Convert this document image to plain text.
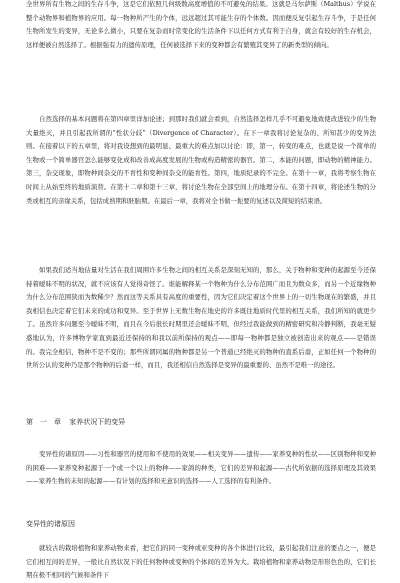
全世界所有生物之间的生存斗争，这是它们依照几何级数高度增值的不可避免的结果。这就是马尔萨斯（Malthus）学说在整个动物界和植物界的应用。每一物种所产生的个体，远远超过其可能生存的个体数。因而便反复引起生存斗争，于是任何生物所发生的变异，无论多么微小，只要在复杂而时常变化的生活条件下以任何方式有利于自身，就会有较好的生存机会，这样便被自然选择了。根据强有力的遗传原理，任何被选择下来的变种都会有繁殖其变异了的新类型的倾向。

自然选择的基本问题将在第四章里详加论述；到那时我们就会看到，自然选择怎样几乎不可避免地致使改进较少的生物大量绝灭，并且引起我所谓的“性状分歧”（Divergence of Character）。在下一章我将讨论复杂的、所知甚少的变异法则。在接着以下的五章里，将对我设想到的最明显、最重大的难点加以讨论：即，第一，转变的难点，也就是说一个简单的生物或一个简单器官怎么能够变化成和改善成高度发展的生物或构造精密的器官。第二，本能的问题，即动物的精神能力。第三，杂交现象，即物种间杂交的不育性和变种间杂交的能育性。第四，地质纪录的不完全。在第十一章，我将考察生物在时间上从始至终的地质演替。在第十二章和第十三章，将讨论生物在全部空间上的地理分布。在第十四章，将论述生物的分类或相互的亲缘关系，包括成熟期和胚胎期。在最后一章，我将对全书做一扼要的复述以及简短的结束语。

如果我们适当地估量对生活在我们周围许多生物之间的相互关系是深刻无知的，那么，关于物种和变种的起源至今还保持着暧昧不明的状况，就不应该有人觉得奇怪了。谁能解释某一个物种为什么分布范围广而且为数众多，而另一个近缘物种为什么分布范围狭而为数稀少？然而这等关系具有高度的重要性，因为它们决定着这个世界上的一切生物现在的繁盛，并且我相信也决定着它们未来的成功和变异。至于世界上无数生物在地史的许多既往地质时代里的相互关系，我们所知的就更少了。虽然许多问题至今暧昧不明，而且在今后很长时期里还会暧昧不明，但经过我能做到的精密研究和冷静判断，我毫无疑惑地认为，许多博物学家直到最近还保持的和我以前所保持的观点——即每一物种都是独立被创造出来的观点——是错误的。我完全相信，物种不是不变的；那些所谓同属的物种都是另一个普通已经绝灭的物种的直系后裔，正如任何一个物种的世所公认的变种乃是那个物种的后裔一样，而且，我还相信自然选择是变异的最重要的、虽然不是唯一的途径。

第　一　章 家养状况下的变异

变异性的诸原因——习性和器官的使用和不使用的效果——相关变异——遗传——家养变种的性状——区别物种和变种的困难——家养变种起源于一个或一个以上的物种——家鸽的种类，它们的差异和起源——古代所依据的选择原理及其效果——家养生物的未知的起源——有计划的选择和无意识的选择——人工选择的有利条件。

变异性的诸原因

就较古的栽培植物和家养动物来看，把它们的同一变种或亚变种的各个体进行比较，最引起我们注意的要点之一，便是它们相互间的差异，一般比自然状况下的任何物种或变种的个体间的差异为大。栽培植物和家养动物是形形色色的，它们长期在极不相同的气候和条件下
